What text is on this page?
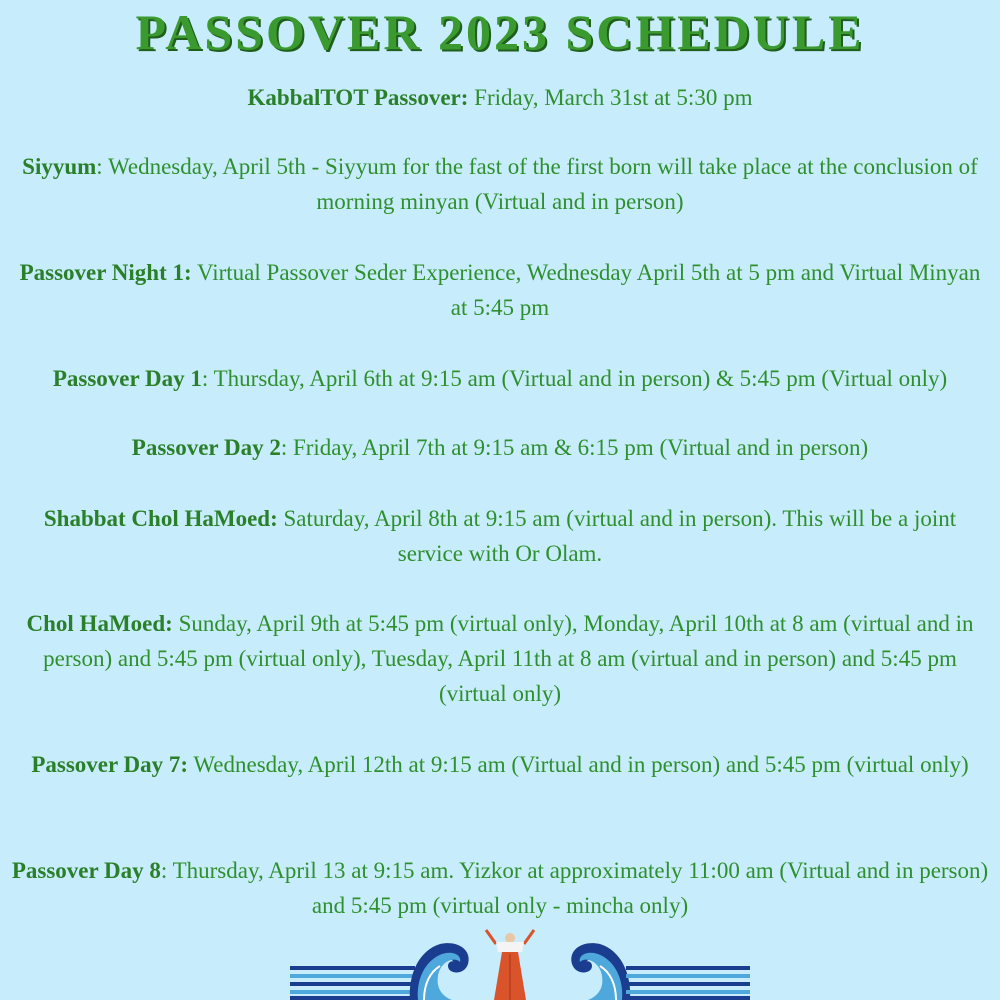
PASSOVER 2023 SCHEDULE
KabbalTOT Passover: Friday, March 31st at 5:30 pm
Siyyum: Wednesday, April 5th - Siyyum for the fast of the first born will take place at the conclusion of morning minyan (Virtual and in person)
Passover Night 1: Virtual Passover Seder Experience, Wednesday April 5th at 5 pm and Virtual Minyan at 5:45 pm
Passover Day 1: Thursday, April 6th at 9:15 am (Virtual and in person) & 5:45 pm (Virtual only)
Passover Day 2: Friday, April 7th at 9:15 am & 6:15 pm (Virtual and in person)
Shabbat Chol HaMoed: Saturday, April 8th at 9:15 am (virtual and in person). This will be a joint service with Or Olam.
Chol HaMoed: Sunday, April 9th at 5:45 pm (virtual only), Monday, April 10th at 8 am (virtual and in person) and 5:45 pm (virtual only), Tuesday, April 11th at 8 am (virtual and in person) and 5:45 pm (virtual only)
Passover Day 7: Wednesday, April 12th at 9:15 am (Virtual and in person) and 5:45 pm (virtual only)
Passover Day 8: Thursday, April 13 at 9:15 am. Yizkor at approximately 11:00 am (Virtual and in person) and 5:45 pm (virtual only - mincha only)
